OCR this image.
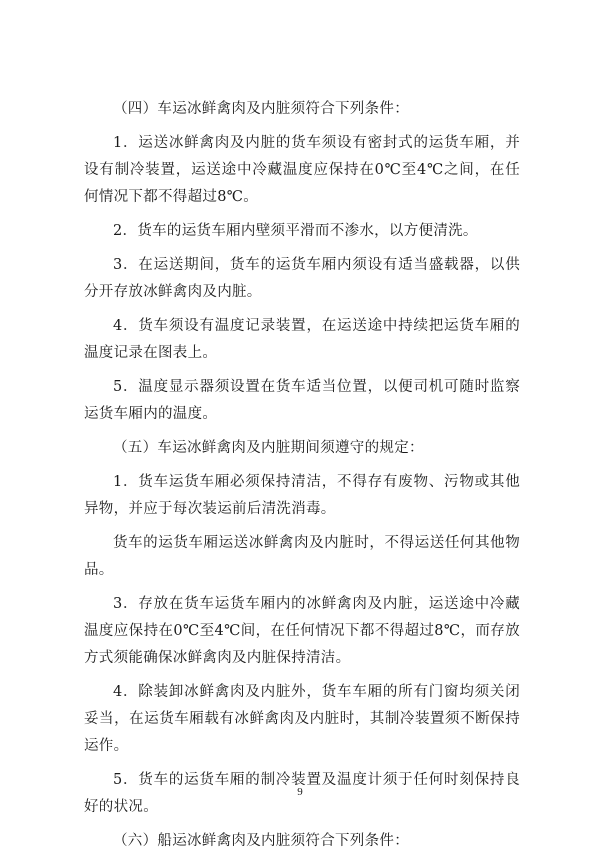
（四）车运冰鲜禽肉及内脏须符合下列条件：

1．运送冰鲜禽肉及内脏的货车须设有密封式的运货车厢，并设有制冷装置，运送途中冷藏温度应保持在0℃至4℃之间，在任何情况下都不得超过8℃。

2．货车的运货车厢内壁须平滑而不渗水，以方便清洗。

3．在运送期间，货车的运货车厢内须设有适当盛载器，以供分开存放冰鲜禽肉及内脏。

4．货车须设有温度记录装置，在运送途中持续把运货车厢的温度记录在图表上。

5．温度显示器须设置在货车适当位置，以便司机可随时监察运货车厢内的温度。

（五）车运冰鲜禽肉及内脏期间须遵守的规定：

1．货车运货车厢必须保持清洁，不得存有废物、污物或其他异物，并应于每次装运前后清洗消毒。

货车的运货车厢运送冰鲜禽肉及内脏时，不得运送任何其他物品。

3．存放在货车运货车厢内的冰鲜禽肉及内脏，运送途中冷藏温度应保持在0℃至4℃间，在任何情况下都不得超过8℃，而存放方式须能确保冰鲜禽肉及内脏保持清洁。

4．除装卸冰鲜禽肉及内脏外，货车车厢的所有门窗均须关闭妥当，在运货车厢载有冰鲜禽肉及内脏时，其制冷装置须不断保持运作。

5．货车的运货车厢的制冷装置及温度计须于任何时刻保持良好的状况。

（六）船运冰鲜禽肉及内脏须符合下列条件：

9
